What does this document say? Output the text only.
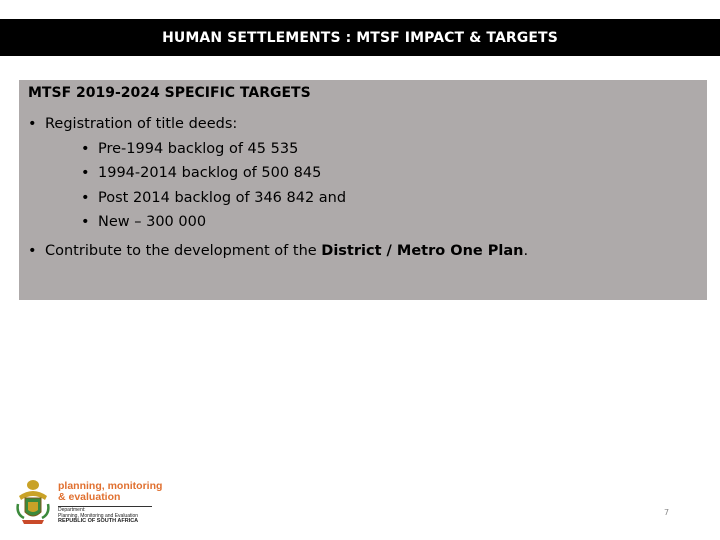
HUMAN SETTLEMENTS : MTSF IMPACT & TARGETS
MTSF 2019-2024 SPECIFIC TARGETS
• Registration of title deeds:
• Pre-1994 backlog of 45 535
• 1994-2014 backlog of 500 845
• Post 2014 backlog of 346 842 and
• New – 300 000
• Contribute to the development of the District / Metro One Plan.
planning, monitoring
& evaluation
Department:
Planning, Monitoring and Evaluation
REPUBLIC OF SOUTH AFRICA
7
